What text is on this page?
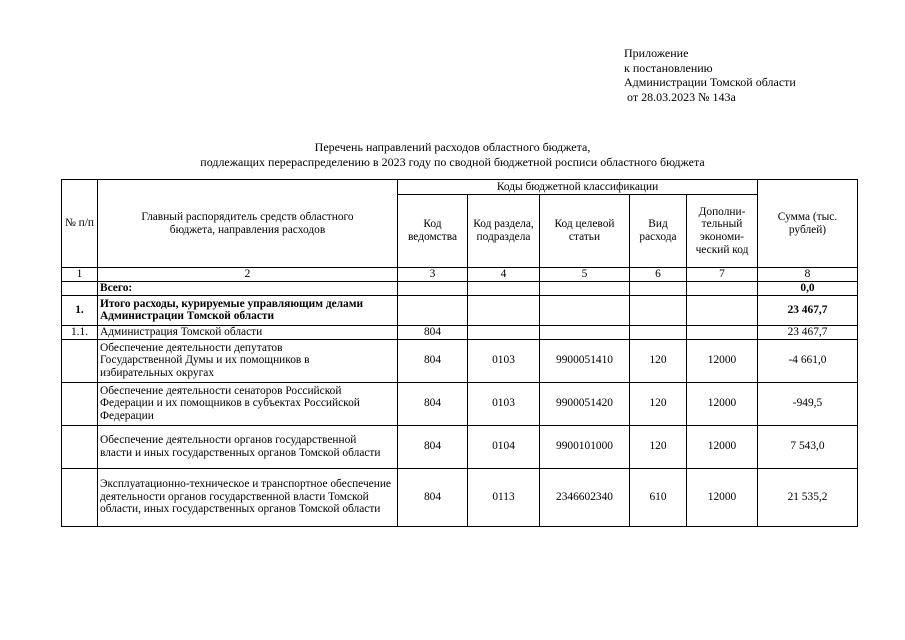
Приложение
к постановлению
Администрации Томской области
от 28.03.2023 № 143а
Перечень направлений расходов областного бюджета,
подлежащих перераспределению в 2023 году по сводной бюджетной росписи областного бюджета
№ п/п	Главный распорядитель средств областного бюджета, направления расходов	Коды бюджетной классификации					Сумма (тыс. рублей)
		Код ведомства	Код раздела, подраздела	Код целевой статьи	Вид расхода	Дополни-тельный экономи-ческий код	
1	2	3	4	5	6	7	8
	Всего:						0,0
1.	Итого расходы, курируемые управляющим делами Администрации Томской области						23 467,7
1.1.	Администрация Томской области	804					23 467,7
	Обеспечение деятельности депутатов Государственной Думы и их помощников в избирательных округах	804	0103	9900051410	120	12000	-4 661,0
	Обеспечение деятельности сенаторов Российской Федерации и их помощников в субъектах Российской Федерации	804	0103	9900051420	120	12000	-949,5
	Обеспечение деятельности органов государственной власти и иных государственных органов Томской области	804	0104	9900101000	120	12000	7 543,0
	Эксплуатационно-техническое и транспортное обеспечение деятельности органов государственной власти Томской области, иных государственных органов Томской области	804	0113	2346602340	610	12000	21 535,2
